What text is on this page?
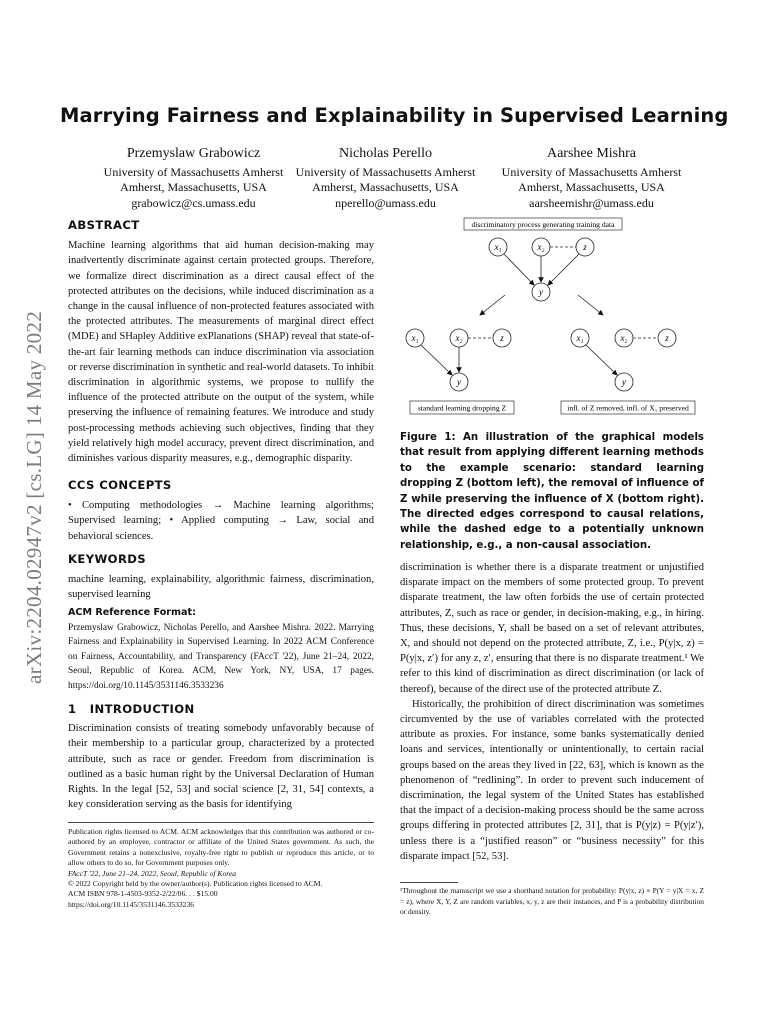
arXiv:2204.02947v2 [cs.LG] 14 May 2022
Marrying Fairness and Explainability in Supervised Learning
Przemyslaw Grabowicz
University of Massachusetts Amherst
Amherst, Massachusetts, USA
grabowicz@cs.umass.edu
Nicholas Perello
University of Massachusetts Amherst
Amherst, Massachusetts, USA
nperello@umass.edu
Aarshee Mishra
University of Massachusetts Amherst
Amherst, Massachusetts, USA
aarsheemishr@umass.edu
ABSTRACT

Machine learning algorithms that aid human decision-making may inadvertently discriminate against certain protected groups. Therefore, we formalize direct discrimination as a direct causal effect of the protected attributes on the decisions, while induced discrimination as a change in the causal influence of non-protected features associated with the protected attributes. The measurements of marginal direct effect (MDE) and SHapley Additive exPlanations (SHAP) reveal that state-of-the-art fair learning methods can induce discrimination via association or reverse discrimination in synthetic and real-world datasets. To inhibit discrimination in algorithmic systems, we propose to nullify the influence of the protected attribute on the output of the system, while preserving the influence of remaining features. We introduce and study post-processing methods achieving such objectives, finding that they yield relatively high model accuracy, prevent direct discrimination, and diminishes various disparity measures, e.g., demographic disparity.

CCS CONCEPTS

• Computing methodologies → Machine learning algorithms; Supervised learning; • Applied computing → Law, social and behavioral sciences.

KEYWORDS

machine learning, explainability, algorithmic fairness, discrimination, supervised learning

ACM Reference Format:

Przemyslaw Grabowicz, Nicholas Perello, and Aarshee Mishra. 2022. Marrying Fairness and Explainability in Supervised Learning. In 2022 ACM Conference on Fairness, Accountability, and Transparency (FAccT '22), June 21–24, 2022, Seoul, Republic of Korea. ACM, New York, NY, USA, 17 pages. https://doi.org/10.1145/3531146.3533236

1 INTRODUCTION

Discrimination consists of treating somebody unfavorably because of their membership to a particular group, characterized by a protected attribute, such as race or gender. Freedom from discrimination is outlined as a basic human right by the Universal Declaration of Human Rights. In the legal [52, 53] and social science [2, 31, 54] contexts, a key consideration serving as the basis for identifying

Publication rights licensed to ACM. ACM acknowledges that this contribution was authored or co-authored by an employee, contractor or affiliate of the United States government. As such, the Government retains a nonexclusive, royalty-free right to publish or reproduce this article, or to allow others to do so, for Government purposes only.
FAccT '22, June 21–24, 2022, Seoul, Republic of Korea
© 2022 Copyright held by the owner/author(s). Publication rights licensed to ACM.
ACM ISBN 978-1-4503-9352-2/22/06. . . $15.00
https://doi.org/10.1145/3531146.3533236
discriminatory process generating training data
x₁	x₂	z
y
x₁	x₂	z
y
x₁	x₂	z
y
standard learning dropping Z	infl. of Z removed, infl. of X₁ preserved
Figure 1: An illustration of the graphical models that result from applying different learning methods to the example scenario: standard learning dropping Z (bottom left), the removal of influence of Z while preserving the influence of X (bottom right). The directed edges correspond to causal relations, while the dashed edge to a potentially unknown relationship, e.g., a non-causal association.

discrimination is whether there is a disparate treatment or unjustified disparate impact on the members of some protected group. To prevent disparate treatment, the law often forbids the use of certain protected attributes, Z, such as race or gender, in decision-making, e.g., in hiring. Thus, these decisions, Y, shall be based on a set of relevant attributes, X, and should not depend on the protected attribute, Z, i.e., P(y|x, z) = P(y|x, z′) for any z, z′, ensuring that there is no disparate treatment.¹ We refer to this kind of discrimination as direct discrimination (or lack of thereof), because of the direct use of the protected attribute Z.

Historically, the prohibition of direct discrimination was sometimes circumvented by the use of variables correlated with the protected attribute as proxies. For instance, some banks systematically denied loans and services, intentionally or unintentionally, to certain racial groups based on the areas they lived in [22, 63], which is known as the phenomenon of “redlining”. In order to prevent such inducement of discrimination, the legal system of the United States has established that the impact of a decision-making process should be the same across groups differing in protected attributes [2, 31], that is P(y|z) = P(y|z′), unless there is a “justified reason” or “business necessity” for this disparate impact [52, 53].

¹Throughout the manuscript we use a shorthand notation for probability: P(y|x, z) ≡ P(Y = y|X = x, Z = z), where X, Y, Z are random variables, x, y, z are their instances, and P is a probability distribution or density.
